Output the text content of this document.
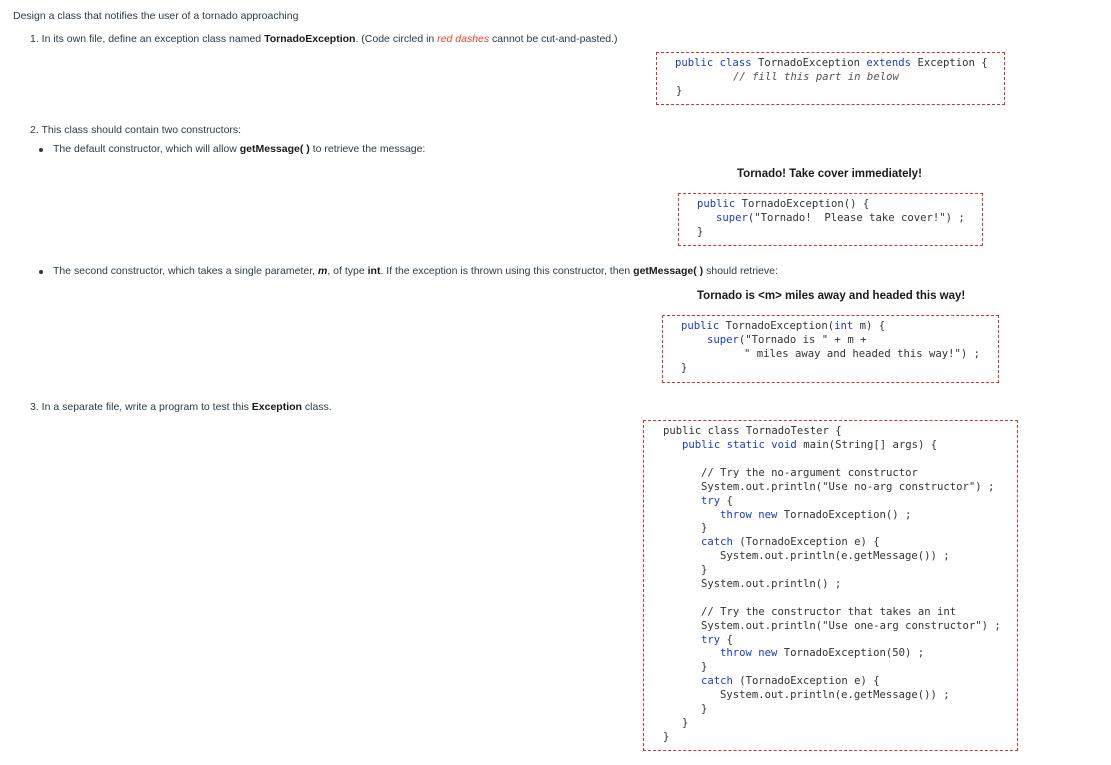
Design a class that notifies the user of a tornado approaching
1. In its own file, define an exception class named TornadoException. (Code circled in red dashes cannot be cut-and-pasted.)
public class TornadoException extends Exception {
// fill this part in below
}
2. This class should contain two constructors:
The default constructor, which will allow getMessage( ) to retrieve the message:
Tornado! Take cover immediately!
public TornadoException() {
super("Tornado!  Please take cover!") ;
}
The second constructor, which takes a single parameter, m, of type int. If the exception is thrown using this constructor, then getMessage( ) should retrieve:
Tornado is <m> miles away and headed this way!
public TornadoException(int m) {
super("Tornado is " + m +
" miles away and headed this way!") ;
}
3. In a separate file, write a program to test this Exception class.
public class TornadoTester {
public static void main(String[] args) {
// Try the no-argument constructor
System.out.println("Use no-arg constructor") ;
try {
throw new TornadoException() ;
}
catch (TornadoException e) {
System.out.println(e.getMessage()) ;
}
System.out.println() ;
// Try the constructor that takes an int
System.out.println("Use one-arg constructor") ;
try {
throw new TornadoException(50) ;
}
catch (TornadoException e) {
System.out.println(e.getMessage()) ;
}
}
}
